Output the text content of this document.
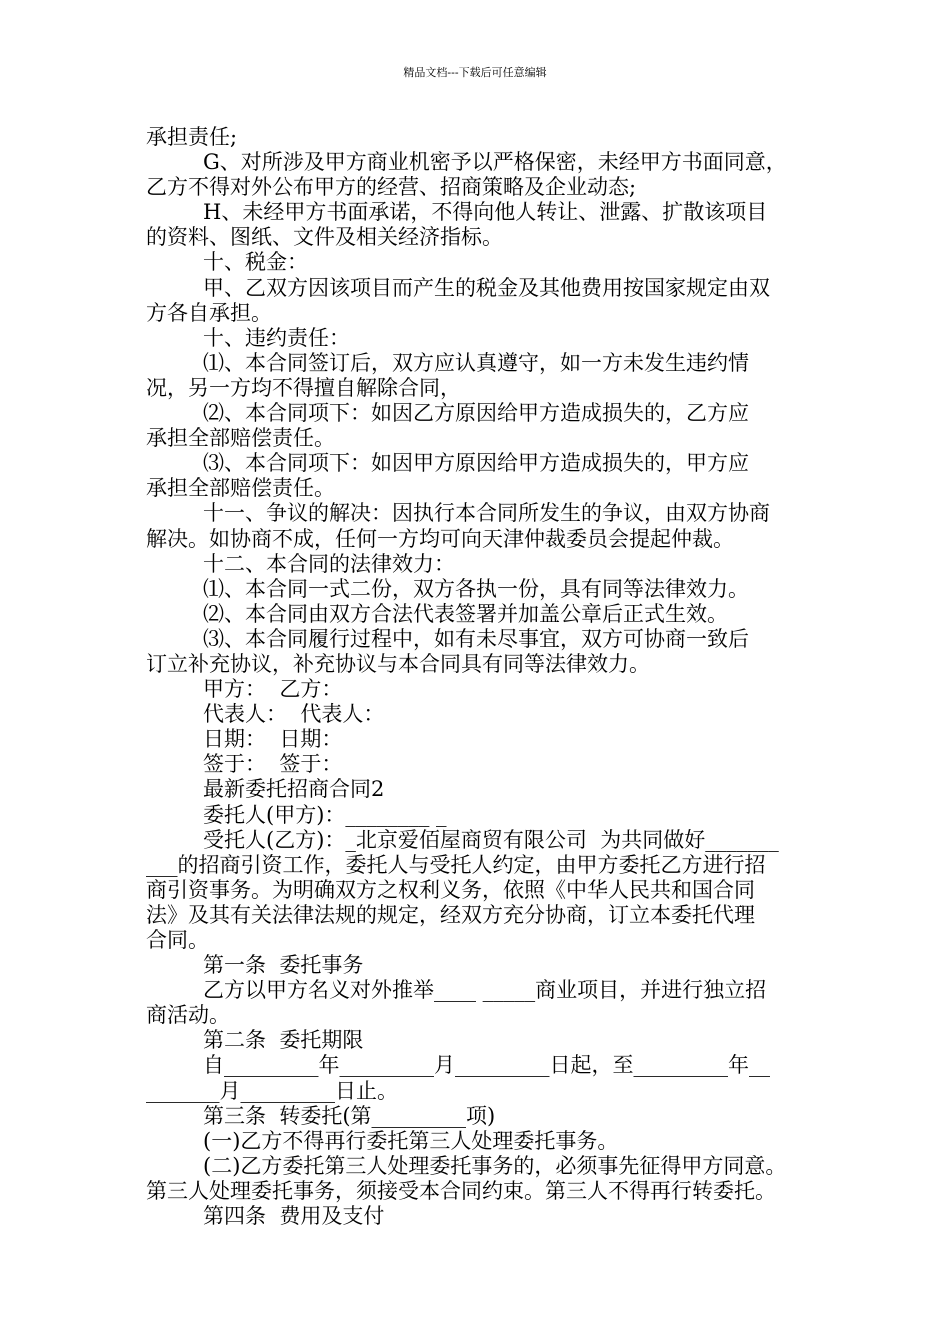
精品文档---下载后可任意编辑
承担责任;
G、对所涉及甲方商业机密予以严格保密，未经甲方书面同意，
乙方不得对外公布甲方的经营、招商策略及企业动态;
H、未经甲方书面承诺，不得向他人转让、泄露、扩散该项目
的资料、图纸、文件及相关经济指标。
十、税金：
甲、乙双方因该项目而产生的税金及其他费用按国家规定由双
方各自承担。
十、违约责任：
⑴、本合同签订后，双方应认真遵守，如一方未发生违约情
况，另一方均不得擅自解除合同，
⑵、本合同项下：如因乙方原因给甲方造成损失的，乙方应
承担全部赔偿责任。
⑶、本合同项下：如因甲方原因给甲方造成损失的，甲方应
承担全部赔偿责任。
十一、争议的解决：因执行本合同所发生的争议，由双方协商
解决。如协商不成，任何一方均可向天津仲裁委员会提起仲裁。
十二、本合同的法律效力：
⑴、本合同一式二份，双方各执一份，具有同等法律效力。
⑵、本合同由双方合法代表签署并加盖公章后正式生效。
⑶、本合同履行过程中，如有未尽事宜，双方可协商一致后
订立补充协议，补充协议与本合同具有同等法律效力。
甲方：  乙方：
代表人：  代表人：
日期：  日期：
签于：  签于：
最新委托招商合同2
委托人(甲方)：________ _
受托人(乙方)：_北京爱佰屋商贸有限公司  为共同做好_______
___的招商引资工作，委托人与受托人约定，由甲方委托乙方进行招
商引资事务。为明确双方之权利义务，依照《中华人民共和国合同
法》及其有关法律法规的规定，经双方充分协商，订立本委托代理
合同。
第一条  委托事务
乙方以甲方名义对外推举____ _____商业项目，并进行独立招
商活动。
第二条  委托期限
自_________年_________月_________日起，至_________年__
_______月_________日止。
第三条  转委托(第_________项)
(一)乙方不得再行委托第三人处理委托事务。
(二)乙方委托第三人处理委托事务的，必须事先征得甲方同意。
第三人处理委托事务，须接受本合同约束。第三人不得再行转委托。
第四条  费用及支付
